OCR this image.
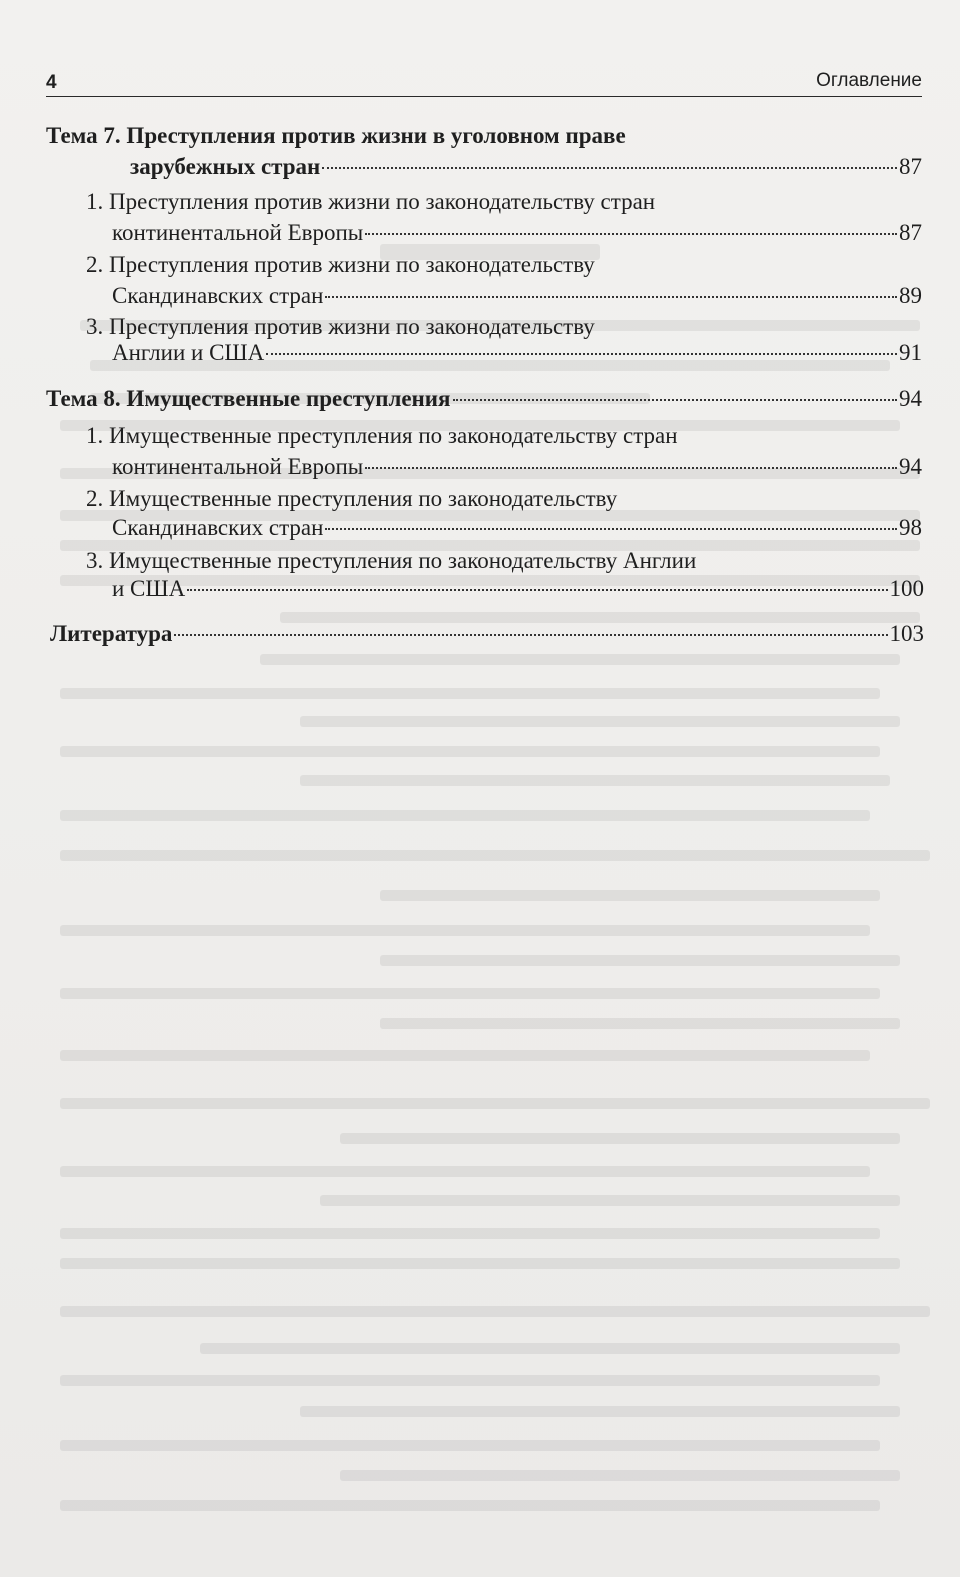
4	Оглавление
Тема 7. Преступления против жизни в уголовном праве
зарубежных стран	87
1. Преступления против жизни по законодательству стран
континентальной Европы	87
2. Преступления против жизни по законодательству
Скандинавских стран	89
3. Преступления против жизни по законодательству
Англии и США	91
Тема 8. Имущественные преступления	94
1. Имущественные преступления по законодательству стран
континентальной Европы	94
2. Имущественные преступления по законодательству
Скандинавских стран	98
3. Имущественные преступления по законодательству Англии
и США	100
Литература	103
